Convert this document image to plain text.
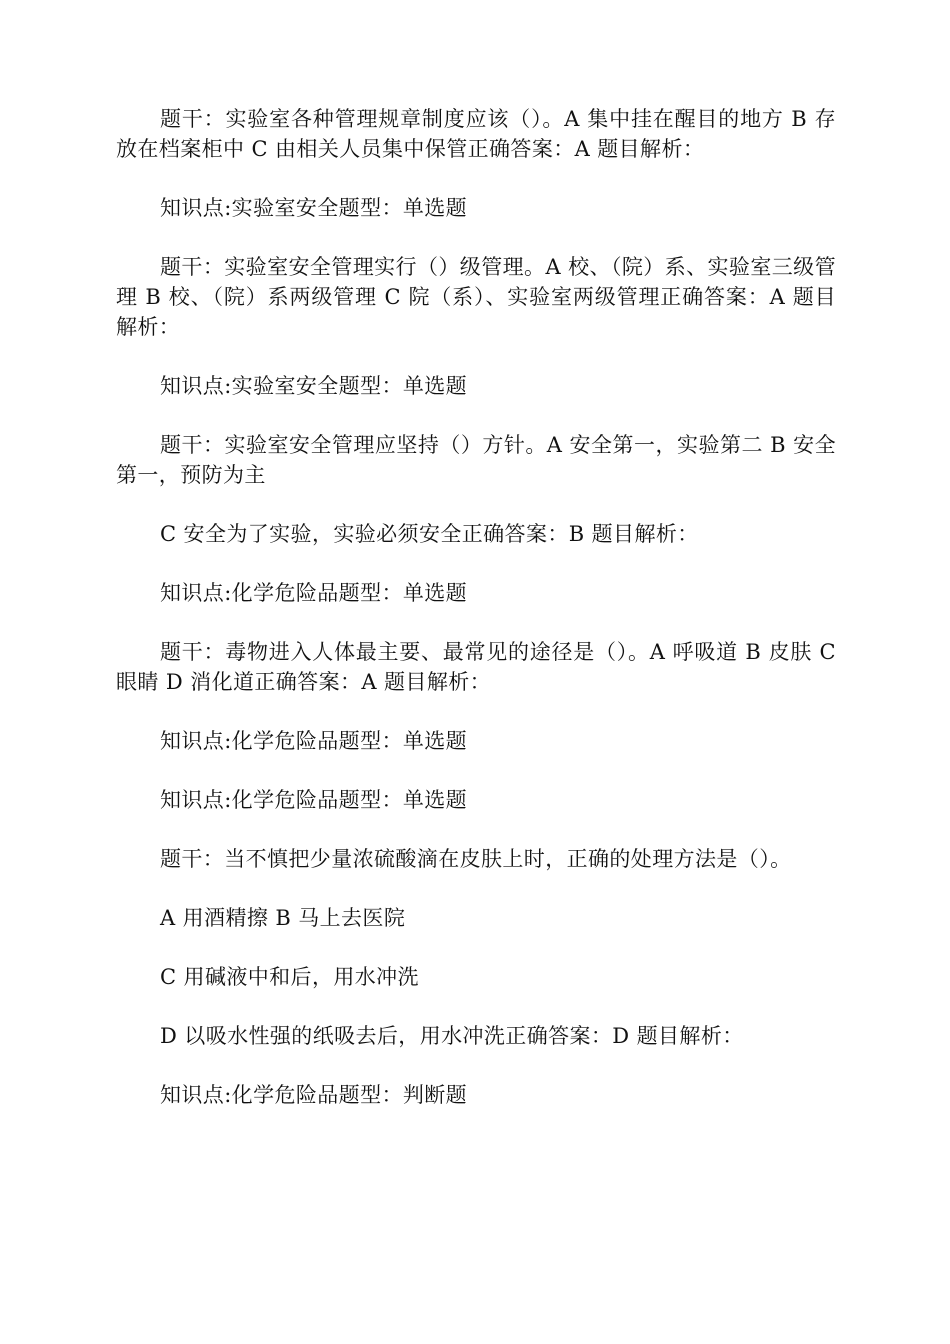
题干：实验室各种管理规章制度应该（）。A 集中挂在醒目的地方 B 存放在档案柜中 C 由相关人员集中保管正确答案：A 题目解析：

知识点:实验室安全题型：单选题

题干：实验室安全管理实行（）级管理。A 校、（院）系、实验室三级管理 B 校、（院）系两级管理 C 院（系）、实验室两级管理正确答案：A 题目解析：

知识点:实验室安全题型：单选题

题干：实验室安全管理应坚持（）方针。A 安全第一，实验第二 B 安全第一，预防为主

C 安全为了实验，实验必须安全正确答案：B 题目解析：

知识点:化学危险品题型：单选题

题干：毒物进入人体最主要、最常见的途径是（）。A 呼吸道 B 皮肤 C 眼睛 D 消化道正确答案：A 题目解析：

知识点:化学危险品题型：单选题

知识点:化学危险品题型：单选题

题干：当不慎把少量浓硫酸滴在皮肤上时，正确的处理方法是（）。

A 用酒精擦 B 马上去医院

C 用碱液中和后，用水冲洗

D 以吸水性强的纸吸去后，用水冲洗正确答案：D 题目解析：

知识点:化学危险品题型：判断题
